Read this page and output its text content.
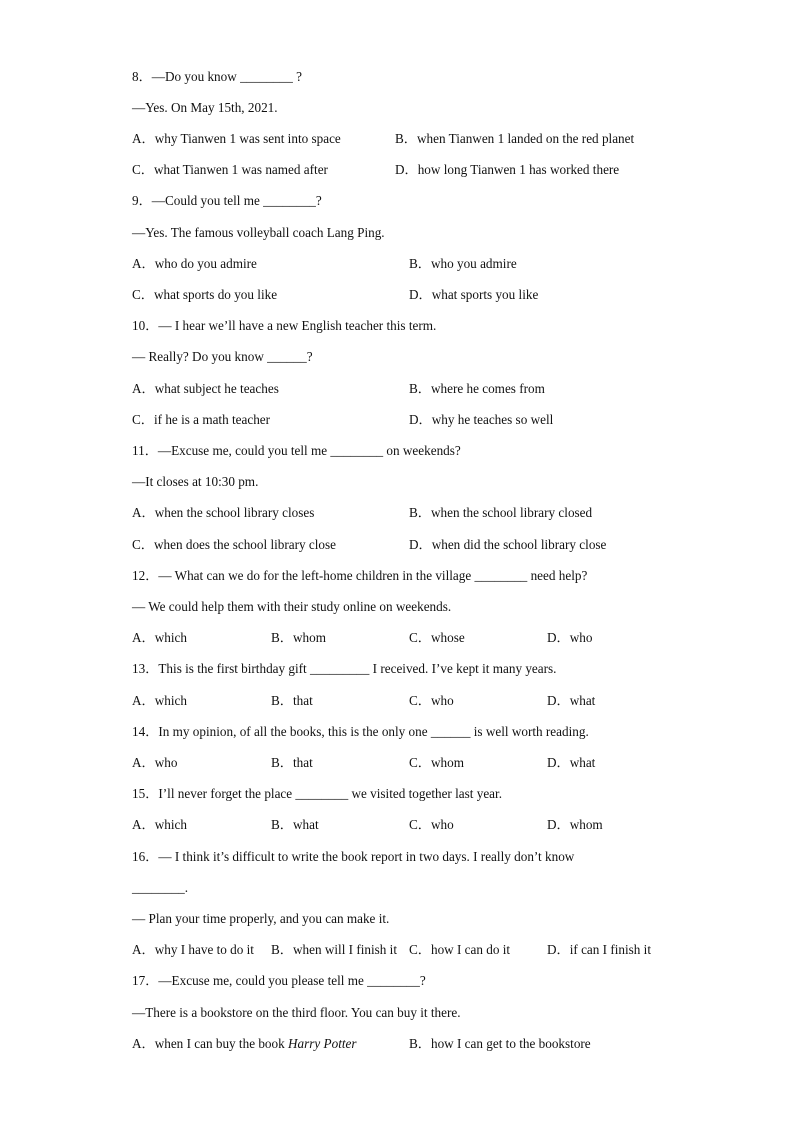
8．—Do you know ________ ?
—Yes. On May 15th, 2021.
A．why Tianwen 1 was sent into space	B．when Tianwen 1 landed on the red planet
C．what Tianwen 1 was named after	D．how long Tianwen 1 has worked there
9．—Could you tell me ________?
—Yes. The famous volleyball coach Lang Ping.
A．who do you admire	B．who you admire
C．what sports do you like	D．what sports you like
10．— I hear we’ll have a new English teacher this term.
— Really? Do you know ______?
A．what subject he teaches	B．where he comes from
C．if he is a math teacher	D．why he teaches so well
11．—Excuse me, could you tell me ________ on weekends?
—It closes at 10:30 pm.
A．when the school library closes	B．when the school library closed
C．when does the school library close	D．when did the school library close
12．— What can we do for the left-home children in the village ________ need help?
— We could help them with their study online on weekends.
A．which	B．whom	C．whose	D．who
13．This is the first birthday gift _________ I received. I’ve kept it many years.
A．which	B．that	C．who	D．what
14．In my opinion, of all the books, this is the only one ______ is well worth reading.
A．who	B．that	C．whom	D．what
15．I’ll never forget the place ________ we visited together last year.
A．which	B．what	C．who	D．whom
16．— I think it’s difficult to write the book report in two days. I really don’t know
________.
— Plan your time properly, and you can make it.
A．why I have to do it B．when will I finish it C．how I can do it	D．if can I finish it
17．—Excuse me, could you please tell me ________?
—There is a bookstore on the third floor. You can buy it there.
A．when I can buy the book Harry Potter	B．how I can get to the bookstore
